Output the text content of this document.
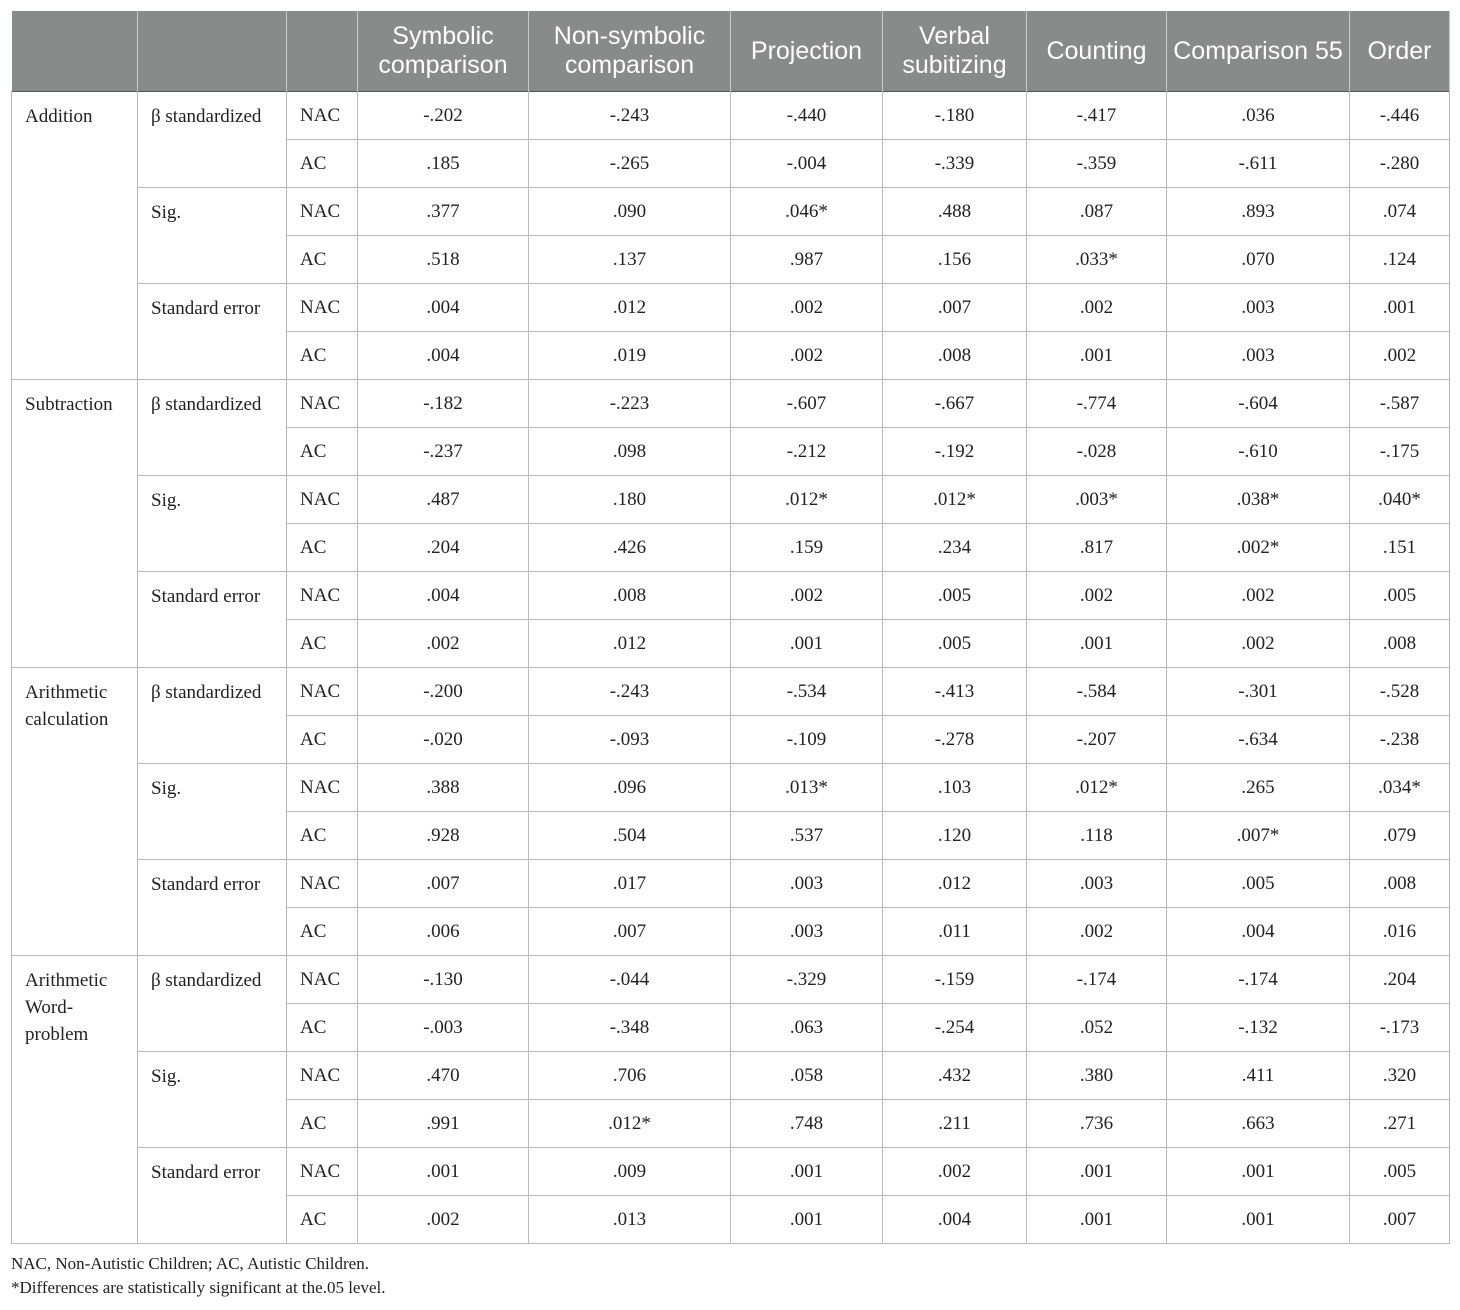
			Symbolic comparison	Non-symbolic comparison	Projection	Verbal subitizing	Counting	Comparison 55	Order
Addition	β standardized	NAC	-.202	-.243	-.440	-.180	-.417	.036	-.446
		AC	.185	-.265	-.004	-.339	-.359	-.611	-.280
	Sig.	NAC	.377	.090	.046*	.488	.087	.893	.074
		AC	.518	.137	.987	.156	.033*	.070	.124
	Standard error	NAC	.004	.012	.002	.007	.002	.003	.001
		AC	.004	.019	.002	.008	.001	.003	.002
Subtraction	β standardized	NAC	-.182	-.223	-.607	-.667	-.774	-.604	-.587
		AC	-.237	.098	-.212	-.192	-.028	-.610	-.175
	Sig.	NAC	.487	.180	.012*	.012*	.003*	.038*	.040*
		AC	.204	.426	.159	.234	.817	.002*	.151
	Standard error	NAC	.004	.008	.002	.005	.002	.002	.005
		AC	.002	.012	.001	.005	.001	.002	.008
Arithmetic calculation	β standardized	NAC	-.200	-.243	-.534	-.413	-.584	-.301	-.528
		AC	-.020	-.093	-.109	-.278	-.207	-.634	-.238
	Sig.	NAC	.388	.096	.013*	.103	.012*	.265	.034*
		AC	.928	.504	.537	.120	.118	.007*	.079
	Standard error	NAC	.007	.017	.003	.012	.003	.005	.008
		AC	.006	.007	.003	.011	.002	.004	.016
Arithmetic Word-problem	β standardized	NAC	-.130	-.044	-.329	-.159	-.174	-.174	.204
		AC	-.003	-.348	.063	-.254	.052	-.132	-.173
	Sig.	NAC	.470	.706	.058	.432	.380	.411	.320
		AC	.991	.012*	.748	.211	.736	.663	.271
	Standard error	NAC	.001	.009	.001	.002	.001	.001	.005
		AC	.002	.013	.001	.004	.001	.001	.007
NAC, Non-Autistic Children; AC, Autistic Children.
*Differences are statistically significant at the.05 level.
